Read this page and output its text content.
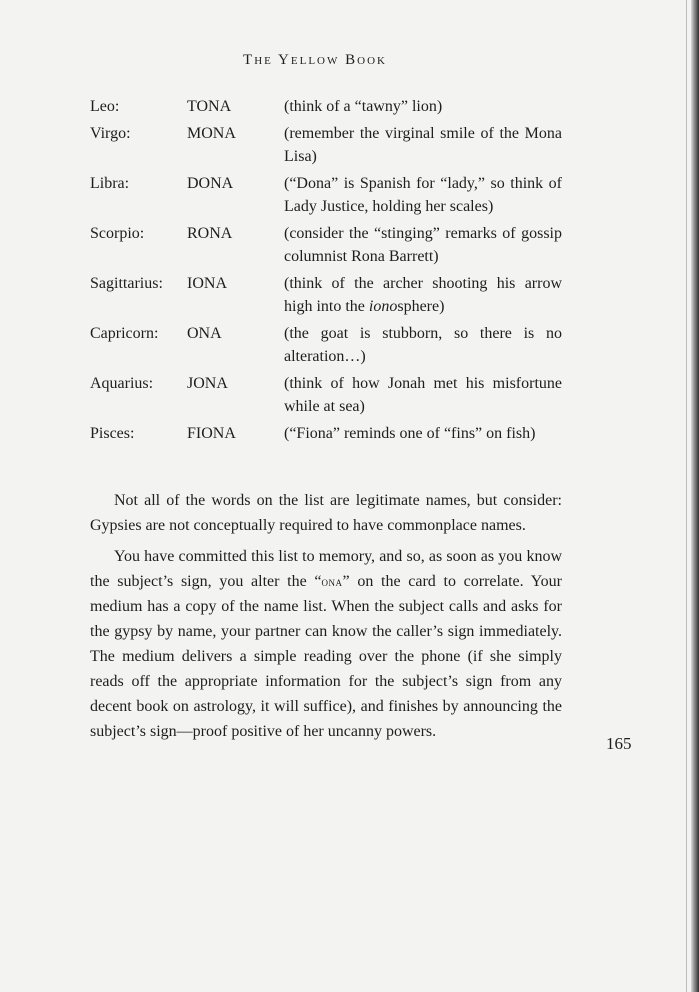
The Yellow Book
Leo:	TONA	(think of a “tawny” lion)
Virgo:	MONA	(remember the virginal smile of the Mona Lisa)
Libra:	DONA	(“Dona” is Spanish for “lady,” so think of Lady Justice, holding her scales)
Scorpio:	RONA	(consider the “stinging” remarks of gossip columnist Rona Barrett)
Sagittarius:	IONA	(think of the archer shooting his arrow high into the ionosphere)
Capricorn:	ONA	(the goat is stubborn, so there is no alteration…)
Aquarius:	JONA	(think of how Jonah met his misfortune while at sea)
Pisces:	FIONA	(“Fiona” reminds one of “fins” on fish)

Not all of the words on the list are legitimate names, but consider: Gypsies are not conceptually required to have commonplace names.

You have committed this list to memory, and so, as soon as you know the subject’s sign, you alter the “ona” on the card to correlate. Your medium has a copy of the name list. When the subject calls and asks for the gypsy by name, your partner can know the caller’s sign immediately. The medium delivers a simple reading over the phone (if she simply reads off the appropriate information for the subject’s sign from any decent book on astrology, it will suffice), and finishes by announcing the subject’s sign—proof positive of her uncanny powers.

165
